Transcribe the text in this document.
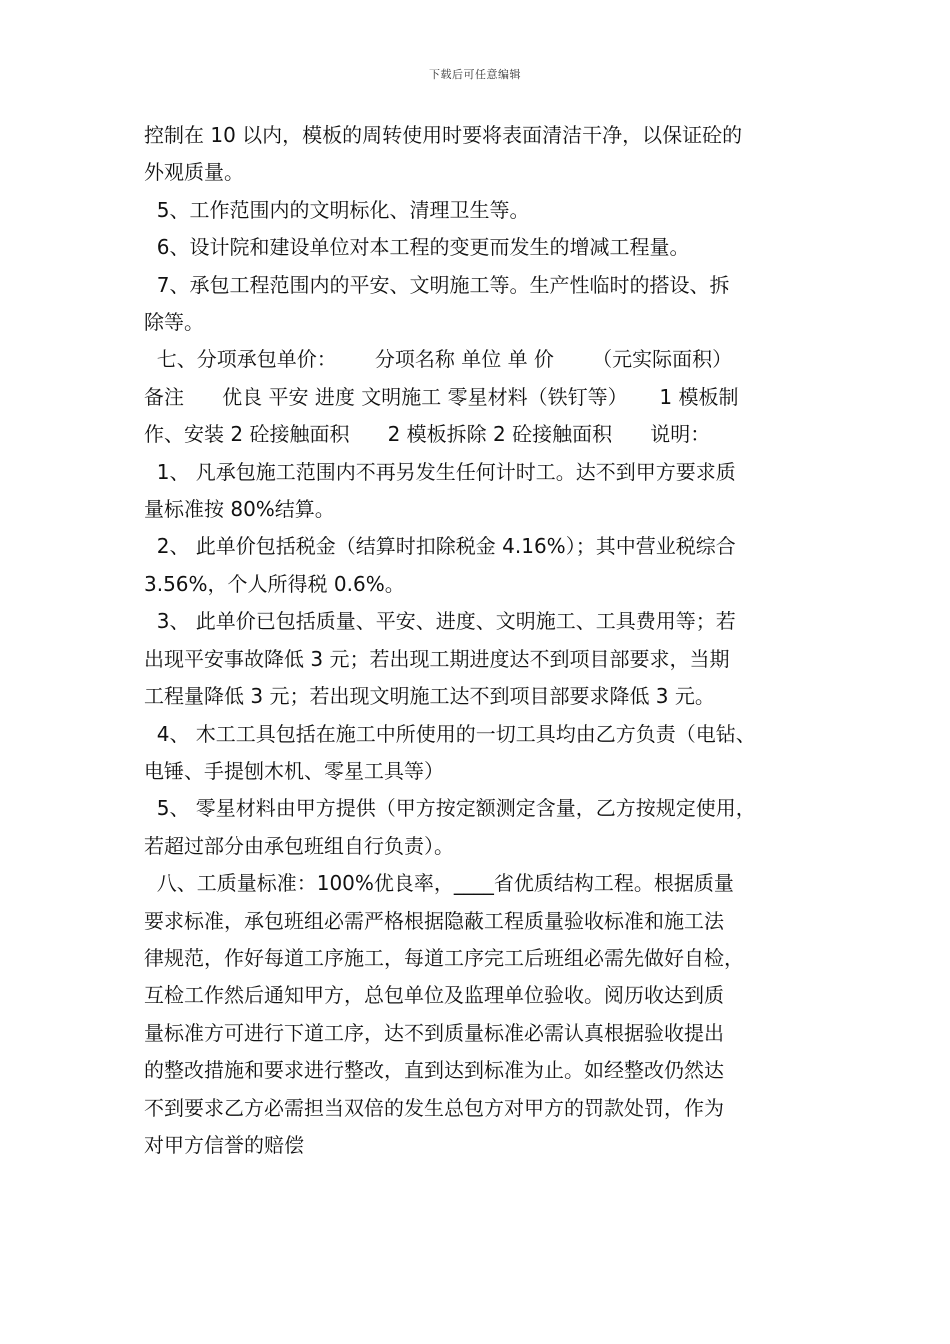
下载后可任意编辑
控制在 10 以内，模板的周转使用时要将表面清洁干净，以保证砼的
外观质量。
5、工作范围内的文明标化、清理卫生等。
6、设计院和建设单位对本工程的变更而发生的增减工程量。
7、承包工程范围内的平安、文明施工等。生产性临时的搭设、拆
除等。
七、分项承包单价：      分项名称 单位 单 价      （元实际面积）
备注      优良 平安 进度 文明施工 零星材料（铁钉等）     1 模板制
作、安装 2 砼接触面积      2 模板拆除 2 砼接触面积      说明：
1、 凡承包施工范围内不再另发生任何计时工。达不到甲方要求质
量标准按 80%结算。
2、 此单价包括税金（结算时扣除税金 4.16%）；其中营业税综合
3.56%，个人所得税 0.6%。
3、 此单价已包括质量、平安、进度、文明施工、工具费用等；若
出现平安事故降低 3 元；若出现工期进度达不到项目部要求，当期
工程量降低 3 元；若出现文明施工达不到项目部要求降低 3 元。
4、 木工工具包括在施工中所使用的一切工具均由乙方负责（电钻、
电锤、手提刨木机、零星工具等）
5、 零星材料由甲方提供（甲方按定额测定含量，乙方按规定使用，
若超过部分由承包班组自行负责）。
八、工质量标准：100%优良率，____省优质结构工程。根据质量
要求标准，承包班组必需严格根据隐蔽工程质量验收标准和施工法
律规范，作好每道工序施工，每道工序完工后班组必需先做好自检，
互检工作然后通知甲方，总包单位及监理单位验收。阅历收达到质
量标准方可进行下道工序，达不到质量标准必需认真根据验收提出
的整改措施和要求进行整改，直到达到标准为止。如经整改仍然达
不到要求乙方必需担当双倍的发生总包方对甲方的罚款处罚，作为
对甲方信誉的赔偿
